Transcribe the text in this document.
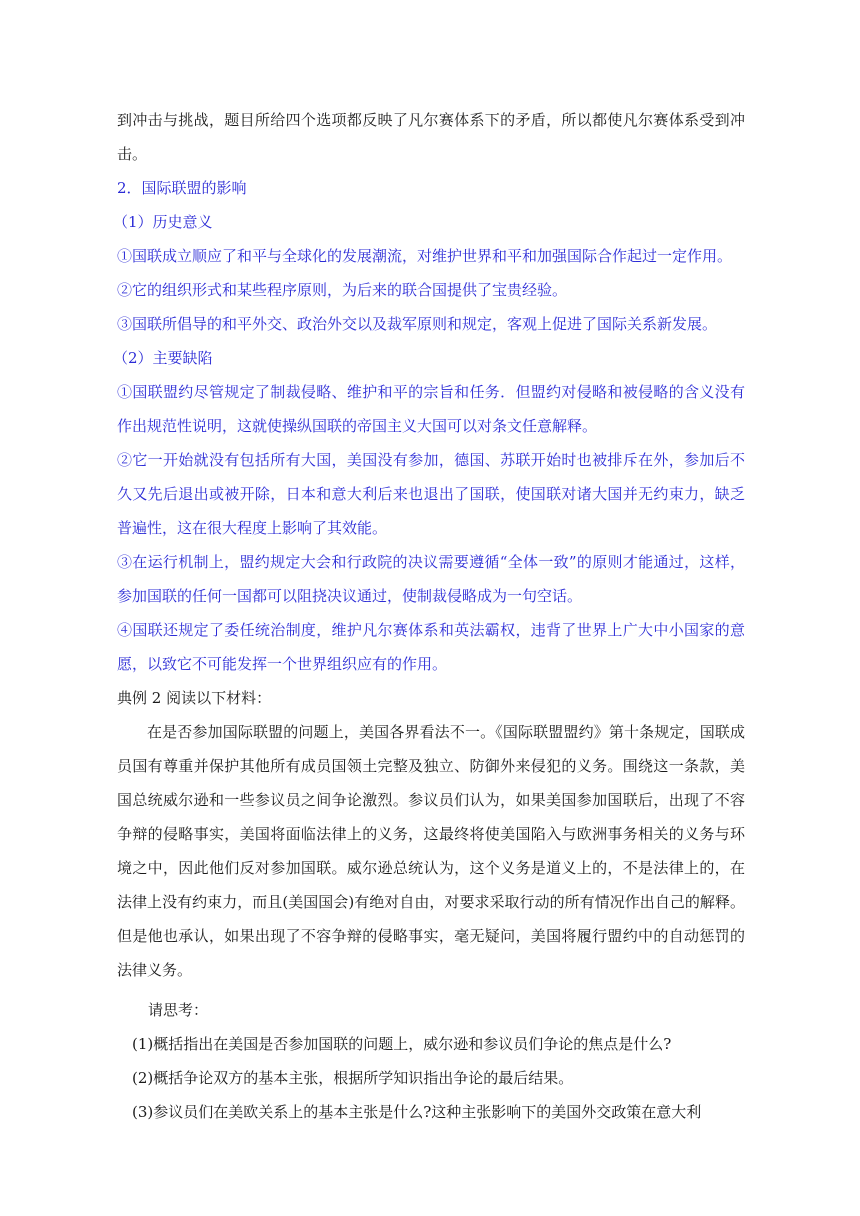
到冲击与挑战，题目所给四个选项都反映了凡尔赛体系下的矛盾，所以都使凡尔赛体系受到冲击。

2．国际联盟的影响

（1）历史意义

①国联成立顺应了和平与全球化的发展潮流，对维护世界和平和加强国际合作起过一定作用。

②它的组织形式和某些程序原则，为后来的联合国提供了宝贵经验。

③国联所倡导的和平外交、政治外交以及裁军原则和规定，客观上促进了国际关系新发展。

（2）主要缺陷

①国联盟约尽管规定了制裁侵略、维护和平的宗旨和任务．但盟约对侵略和被侵略的含义没有作出规范性说明，这就使操纵国联的帝国主义大国可以对条文任意解释。

②它一开始就没有包括所有大国，美国没有参加，德国、苏联开始时也被排斥在外，参加后不久又先后退出或被开除，日本和意大利后来也退出了国联，使国联对诸大国并无约束力，缺乏普遍性，这在很大程度上影响了其效能。

③在运行机制上，盟约规定大会和行政院的决议需要遵循“全体一致”的原则才能通过，这样，参加国联的任何一国都可以阻挠决议通过，使制裁侵略成为一句空话。

④国联还规定了委任统治制度，维护凡尔赛体系和英法霸权，违背了世界上广大中小国家的意愿，以致它不可能发挥一个世界组织应有的作用。

典例 2 阅读以下材料：

在是否参加国际联盟的问题上，美国各界看法不一。《国际联盟盟约》第十条规定，国联成员国有尊重并保护其他所有成员国领土完整及独立、防御外来侵犯的义务。围绕这一条款，美国总统威尔逊和一些参议员之间争论激烈。参议员们认为，如果美国参加国联后，出现了不容争辩的侵略事实，美国将面临法律上的义务，这最终将使美国陷入与欧洲事务相关的义务与环境之中，因此他们反对参加国联。威尔逊总统认为，这个义务是道义上的，不是法律上的，在法律上没有约束力，而且(美国国会)有绝对自由，对要求采取行动的所有情况作出自己的解释。但是他也承认，如果出现了不容争辩的侵略事实，毫无疑问，美国将履行盟约中的自动惩罚的法律义务。

请思考：

(1)概括指出在美国是否参加国联的问题上，威尔逊和参议员们争论的焦点是什么?

(2)概括争论双方的基本主张，根据所学知识指出争论的最后结果。

(3)参议员们在美欧关系上的基本主张是什么?这种主张影响下的美国外交政策在意大利
